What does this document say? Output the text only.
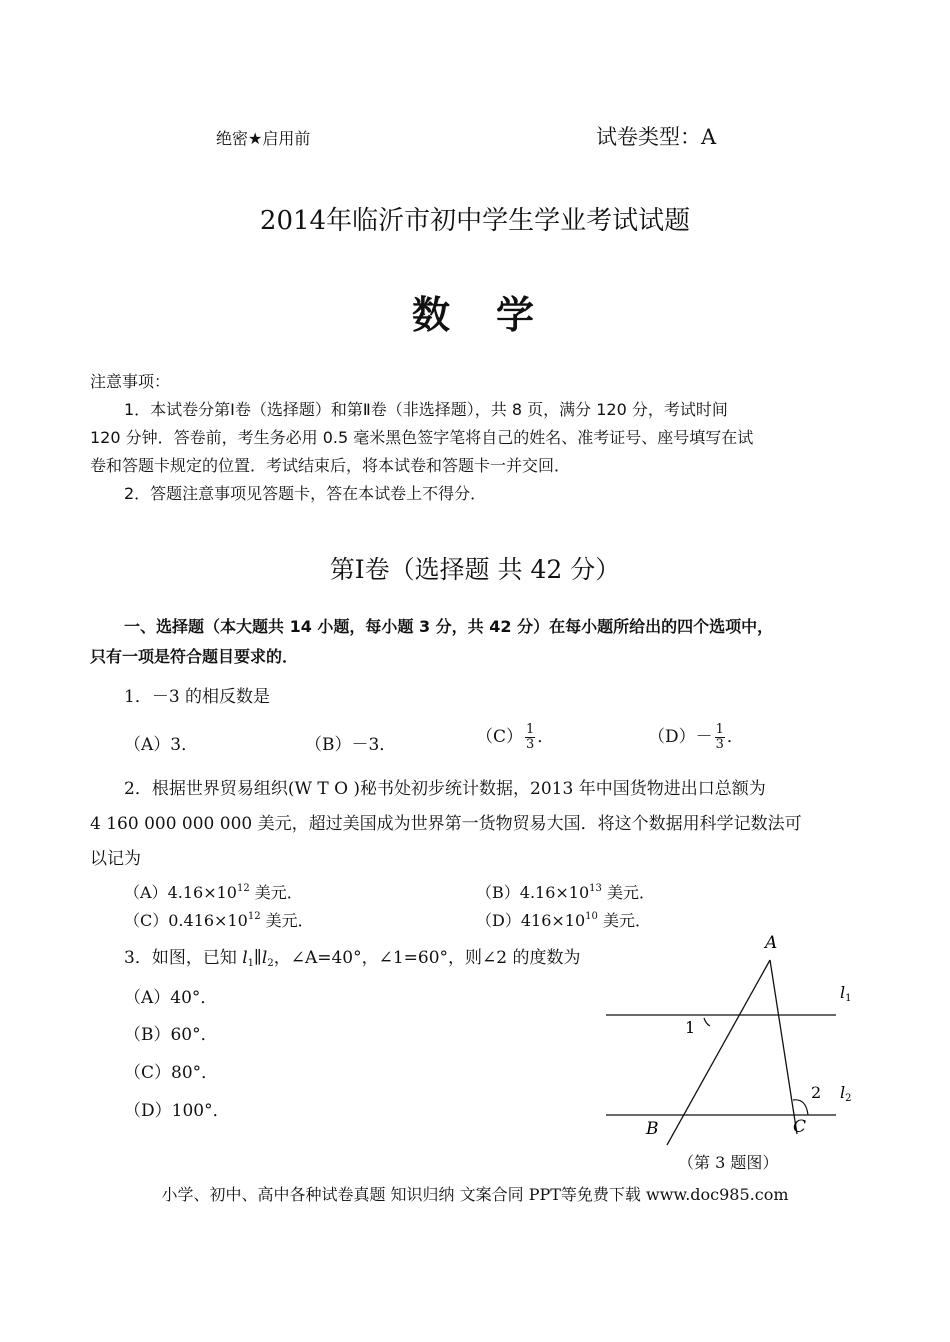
绝密★启用前	试卷类型：A
2014年临沂市初中学生学业考试试题
数　学

注意事项：

1．本试卷分第Ⅰ卷（选择题）和第Ⅱ卷（非选择题），共 8 页，满分 120 分，考试时间

120 分钟．答卷前，考生务必用 0.5 毫米黑色签字笔将自己的姓名、准考证号、座号填写在试

卷和答题卡规定的位置．考试结束后，将本试卷和答题卡一并交回．

2．答题注意事项见答题卡，答在本试卷上不得分．

第Ⅰ卷（选择题 共 42 分）

一、选择题（本大题共 14 小题，每小题 3 分，共 42 分）在每小题所给出的四个选项中，

只有一项是符合题目要求的．

1．－3 的相反数是
（A）3．	（B）－3．	$(C) \frac{1}{3}$ ．	$(D)- \frac{1}{3}$ ．

2．根据世界贸易组织(W T O )秘书处初步统计数据，2013 年中国货物进出口总额为

4 160 000 000 000 美元，超过美国成为世界第一货物贸易大国．将这个数据用科学记数法可

以记为

$(A)4.16\times 10^{12}$ 美元．	$(B)4.16\times 10^{13}$ 美元．
$(C)0.416\times 10^{12}$ 美元．	$(D)416\times 10^{10}$ 美元．
3．如图，已知 $l_1\parallel l_2$，∠A=40°，∠1=60°，则∠2 的度数为
（A）40°．
（B）60°．
（C）80°．
（D）100°．
A
B	C
1
2
l1
l2
（第 3 题图）
小学、初中、高中各种试卷真题 知识归纳 文案合同 PPT等免费下载 www.doc985.com
